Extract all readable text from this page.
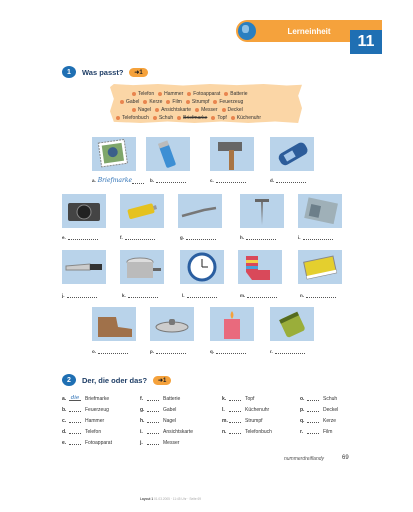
Lerneinheit
11
1	Was passt?	➜1
Telefon Hammer Fotoapparat Batterie
Gabel Kerze Film Strumpf Feuerzeug
Nagel Ansichtskarte Messer Deckel
Telefonbuch Schuh Briefmarke Topf Küchenuhr
a. Briefmarke	b.	c.	d.
e.	f.	g.	h.	i.
j.	k.	l.	m.	n.
o.	p.	q.	r.
2	Der, die oder das?	➜1
a. die	Briefmarke
b.	Feuerzeug
c.	Hammer
d.	Telefon
e.	Fotoapparat
f.	Batterie
g.	Gabel
h.	Nagel
i.	Ansichtskarte
j.	Messer
k.	Topf
l.	Küchenuhr
m.	Strumpf
n.	Telefonbuch
o.	Schuh
p.	Deckel
q.	Kerze
r.	Film
nummerdreiflandy	69
Layout 1 01.03.2005 · 11:45 Uhr · Seite 69
